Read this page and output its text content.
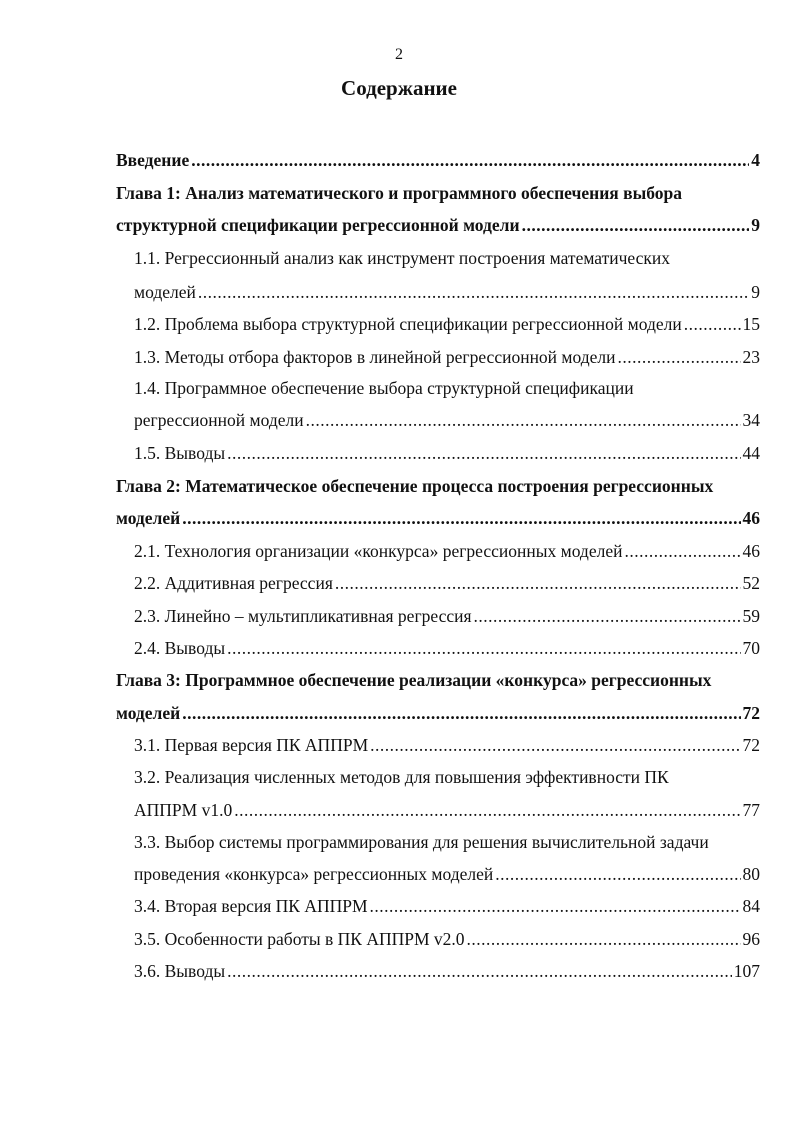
2
Содержание
Введение .....	4
Глава 1: Анализ математического и программного обеспечения выбора
структурной спецификации регрессионной модели .....	9
1.1. Регрессионный анализ как инструмент построения математических
моделей .....	9
1.2. Проблема выбора структурной спецификации регрессионной модели .....	15
1.3. Методы отбора факторов в линейной регрессионной модели .....	23
1.4. Программное обеспечение выбора структурной спецификации
регрессионной модели .....	34
1.5. Выводы .....	44
Глава 2: Математическое обеспечение процесса построения регрессионных
моделей .....	46
2.1. Технология организации «конкурса» регрессионных моделей .....	46
2.2. Аддитивная регрессия .....	52
2.3. Линейно – мультипликативная регрессия .....	59
2.4. Выводы .....	70
Глава 3: Программное обеспечение реализации «конкурса» регрессионных
моделей .....	72
3.1. Первая версия ПК АППРМ .....	72
3.2. Реализация численных методов для повышения эффективности ПК
АППРМ v1.0 .....	77
3.3. Выбор системы программирования для решения вычислительной задачи
проведения «конкурса» регрессионных моделей .....	80
3.4. Вторая версия ПК АППРМ .....	84
3.5. Особенности работы в ПК АППРМ v2.0 .....	96
3.6. Выводы .....	107
